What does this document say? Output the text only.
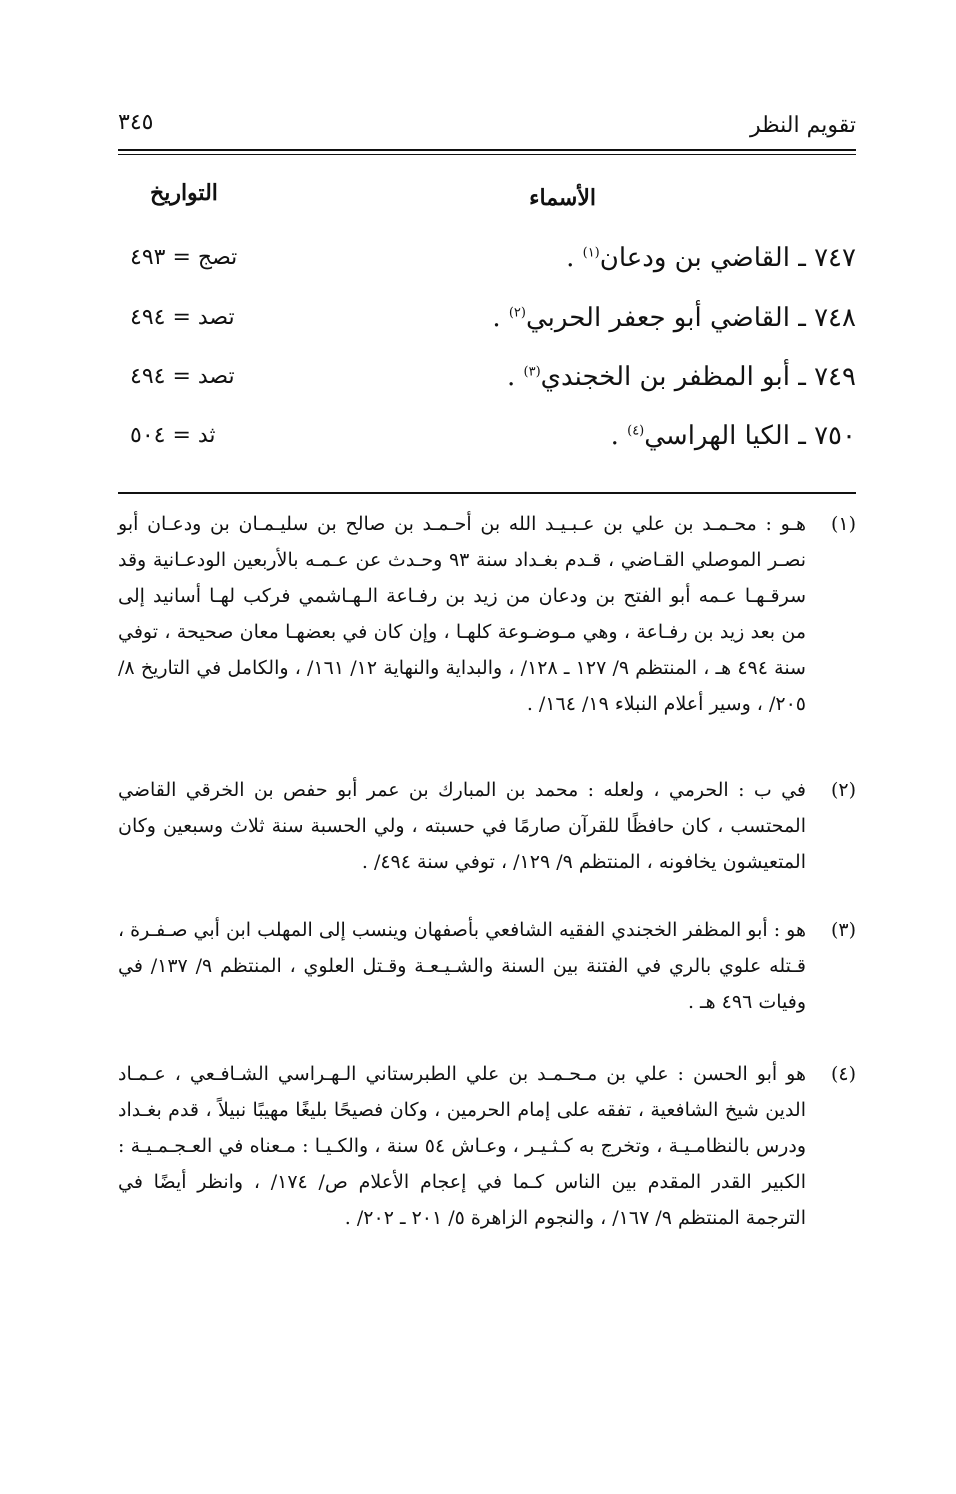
تقويم النظر
٣٤٥
الأسماء
التواريخ
٧٤٧ ـ القاضي بن ودعان$^{(١)}$ .
تصج = ٤٩٣
٧٤٨ ـ القاضي أبو جعفر الحربي$^{(٢)}$ .
تصد = ٤٩٤
٧٤٩ ـ أبو المظفر بن الخجندي$^{(٣)}$ .
تصد = ٤٩٤
٧٥٠ ـ الكيا الهراسي$^{(٤)}$ .
ثد = ٥٠٤
(١)
هـو : محـمـد بن علي بن عـبـيـد الله بن أحـمـد بن صالح بن سليـمـان بن ودعـان أبو نصـر الموصلي القـاضي ، قـدم بغـداد سنة ٩٣ وحـدث عن عـمـه بالأربعين الودعـانية وقد سرقـهـا عـمه أبو الفتح بن ودعان من زيد بن رفـاعة الـهـاشمي فركب لهـا أسانيد إلى من بعد زيد بن رفـاعة ، وهي مـوضـوعة كلهـا ، وإن كان في بعضهـا معان صحيحة ، توفي سنة ٤٩٤ هـ ، المنتظم ٩/ ١٢٧ ـ ١٢٨/ ، والبداية والنهاية ١٢/ ١٦١/ ، والكامل في التاريخ ٨/ ٢٠٥/ ، وسير أعلام النبلاء ١٩/ ١٦٤/ .
(٢)
في ب : الحرمي ، ولعله : محمد بن المبارك بن عمر أبو حفص بن الخرقي القاضي المحتسب ، كان حافظًا للقرآن صارمًا في حسبته ، ولي الحسبة سنة ثلاث وسبعين وكان المتعيشون يخافونه ، المنتظم ٩/ ١٢٩/ ، توفي سنة ٤٩٤/ .
(٣)
هو : أبو المظفر الخجندي الفقيه الشافعي بأصفهان وينسب إلى المهلب ابن أبي صـفـرة ، قـتله علوي بالري في الفتنة بين السنة والشـيـعـة وقـتل العلوي ، المنتظم ٩/ ١٣٧/ في وفيات ٤٩٦ هـ .
(٤)
هو أبو الحسن : علي بن مـحـمـد بن علي الطبرستاني الـهـراسي الشـافـعي ، عـمـاد الدين شيخ الشافعية ، تفقه على إمام الحرمين ، وكان فصيحًا بليغًا مهيبًا نبيلاً ، قدم بغـداد ودرس بالنظامـيـة ، وتخرج به كـثـيـر ، وعـاش ٥٤ سنة ، والكـيـا : مـعناه في العـجـمـيـة : الكبير القدر المقدم بين الناس كـما في إعجام الأعلام ص/ ١٧٤/ ، وانظر أيضًا في الترجمة المنتظم ٩/ ١٦٧/ ، والنجوم الزاهرة ٥/ ٢٠١ ـ ٢٠٢/ .
